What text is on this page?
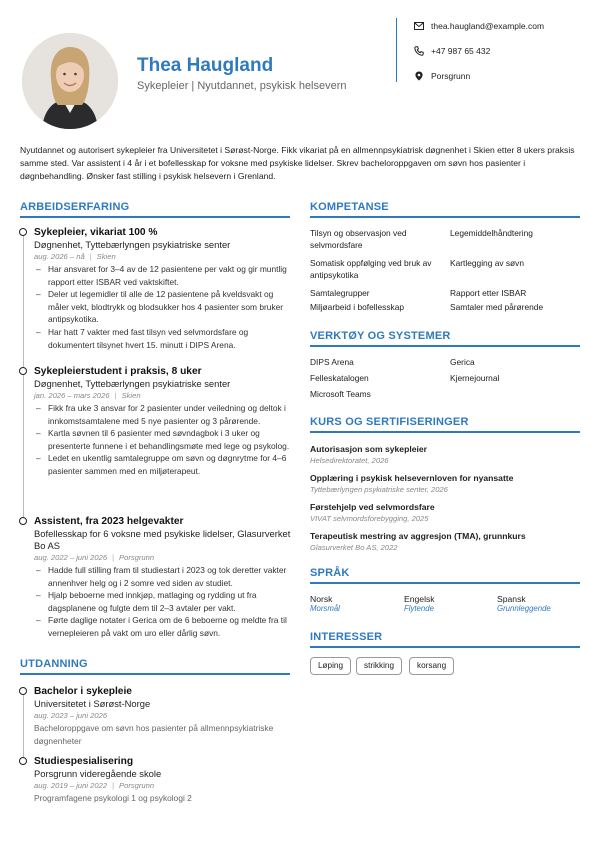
Thea Haugland
Sykepleier | Nyutdannet, psykisk helsevern
thea.haugland@example.com
+47 987 65 432
Porsgrunn
Nyutdannet og autorisert sykepleier fra Universitetet i Sørøst-Norge. Fikk vikariat på en allmennpsykiatrisk døgnenhet i Skien etter 8 ukers praksis samme sted. Var assistent i 4 år i et bofellesskap for voksne med psykiske lidelser. Skrev bacheloroppgaven om søvn hos pasienter i døgnbehandling. Ønsker fast stilling i psykisk helsevern i Grenland.
ARBEIDSERFARING
Sykepleier, vikariat 100 %
Døgnenhet, Tyttebærlyngen psykiatriske senter
aug. 2026 – nå | Skien
– Har ansvaret for 3–4 av de 12 pasientene per vakt og gir muntlig rapport etter ISBAR ved vaktskiftet.
– Deler ut legemidler til alle de 12 pasientene på kveldsvakt og måler vekt, blodtrykk og blodsukker hos 4 pasienter som bruker antipsykotika.
– Har hatt 7 vakter med fast tilsyn ved selvmordsfare og dokumentert tilsynet hvert 15. minutt i DIPS Arena.
Sykepleierstudent i praksis, 8 uker
Døgnenhet, Tyttebærlyngen psykiatriske senter
jan. 2026 – mars 2026 | Skien
– Fikk fra uke 3 ansvar for 2 pasienter under veiledning og deltok i innkomstsamtalene med 5 nye pasienter og 3 pårørende.
– Kartla søvnen til 6 pasienter med søvndagbok i 3 uker og presenterte funnene i et behandlingsmøte med lege og psykolog.
– Ledet en ukentlig samtalegruppe om søvn og døgnrytme for 4–6 pasienter sammen med en miljøterapeut.
Assistent, fra 2023 helgevakter
Bofellesskap for 6 voksne med psykiske lidelser, Glasurverket Bo AS
aug. 2022 – juni 2026 | Porsgrunn
– Hadde full stilling fram til studiestart i 2023 og tok deretter vakter annenhver helg og i 2 somre ved siden av studiet.
– Hjalp beboerne med innkjøp, matlaging og rydding ut fra dagsplanene og fulgte dem til 2–3 avtaler per vakt.
– Førte daglige notater i Gerica om de 6 beboerne og meldte fra til vernepleieren på vakt om uro eller dårlig søvn.
UTDANNING
Bachelor i sykepleie
Universitetet i Sørøst-Norge
aug. 2023 – juni 2026
Bacheloroppgave om søvn hos pasienter på allmennpsykiatriske døgnenheter
Studiespesialisering
Porsgrunn videregående skole
aug. 2019 – juni 2022 | Porsgrunn
Programfagene psykologi 1 og psykologi 2
KOMPETANSE
Tilsyn og observasjon ved selvmordsfare
Somatisk oppfølging ved bruk av antipsykotika
Samtalegrupper
Miljøarbeid i bofellesskap
Legemiddelhåndtering
Kartlegging av søvn
Rapport etter ISBAR
Samtaler med pårørende
VERKTØY OG SYSTEMER
DIPS Arena
Felleskatalogen
Microsoft Teams
Gerica
Kjernejournal
KURS OG SERTIFISERINGER
Autorisasjon som sykepleier
Helsedirektoratet, 2026
Opplæring i psykisk helsevernloven for nyansatte
Tyttebærlyngen psykiatriske senter, 2026
Førstehjelp ved selvmordsfare
VIVAT selvmordsforebygging, 2025
Terapeutisk mestring av aggresjon (TMA), grunnkurs
Glasurverket Bo AS, 2022
SPRÅK
Norsk
Morsmål
Engelsk
Flytende
Spansk
Grunnleggende
INTERESSER
Løping	strikking	korsang
